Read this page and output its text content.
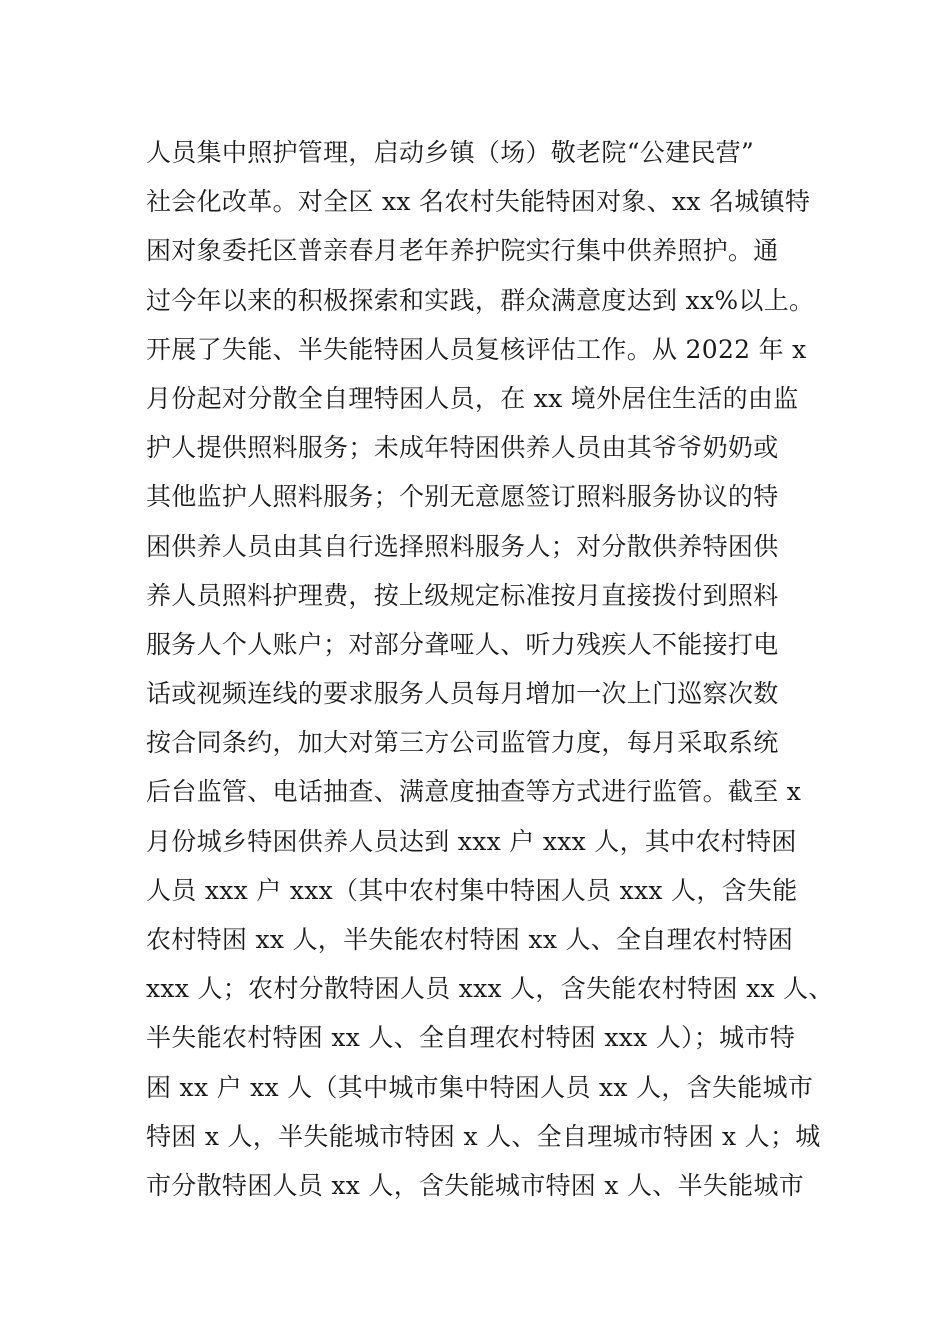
人员集中照护管理，启动乡镇（场）敬老院“公建民营”
社会化改革。对全区 xx 名农村失能特困对象、xx 名城镇特
困对象委托区普亲春月老年养护院实行集中供养照护。通
过今年以来的积极探索和实践，群众满意度达到 xx%以上。
开展了失能、半失能特困人员复核评估工作。从 2022 年 x
月份起对分散全自理特困人员，在 xx 境外居住生活的由监
护人提供照料服务；未成年特困供养人员由其爷爷奶奶或
其他监护人照料服务；个别无意愿签订照料服务协议的特
困供养人员由其自行选择照料服务人；对分散供养特困供
养人员照料护理费，按上级规定标准按月直接拨付到照料
服务人个人账户；对部分聋哑人、听力残疾人不能接打电
话或视频连线的要求服务人员每月增加一次上门巡察次数
按合同条约，加大对第三方公司监管力度，每月采取系统
后台监管、电话抽查、满意度抽查等方式进行监管。截至 x
月份城乡特困供养人员达到 xxx 户 xxx 人，其中农村特困
人员 xxx 户 xxx（其中农村集中特困人员 xxx 人，含失能
农村特困 xx 人，半失能农村特困 xx 人、全自理农村特困
xxx 人；农村分散特困人员 xxx 人，含失能农村特困 xx 人、
半失能农村特困 xx 人、全自理农村特困 xxx 人）；城市特
困 xx 户 xx 人（其中城市集中特困人员 xx 人，含失能城市
特困 x 人，半失能城市特困 x 人、全自理城市特困 x 人；城
市分散特困人员 xx 人，含失能城市特困 x 人、半失能城市
